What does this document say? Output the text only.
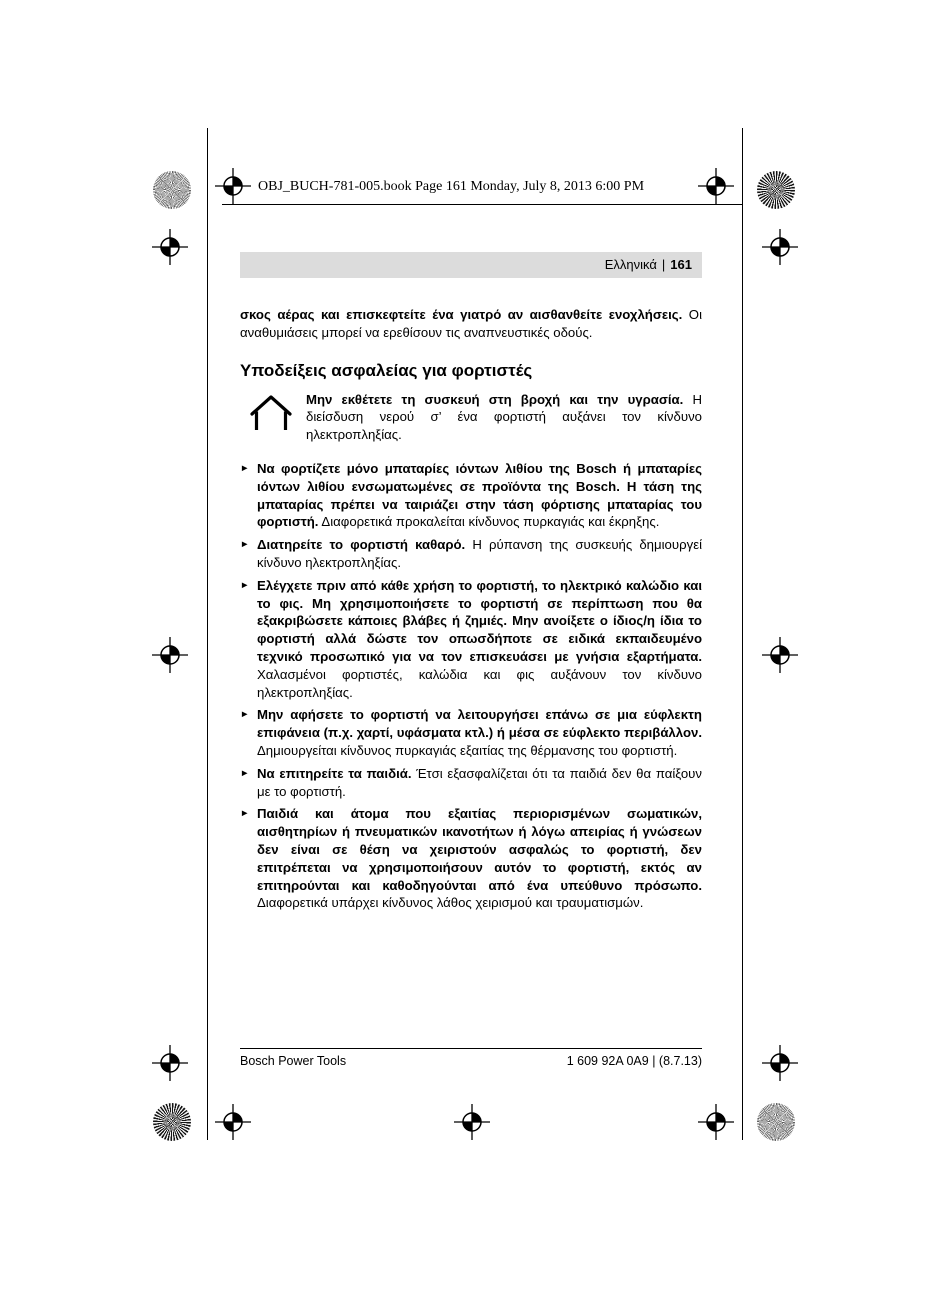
OBJ_BUCH-781-005.book Page 161 Monday, July 8, 2013 6:00 PM
Ελληνικά | 161

σκος αέρας και επισκεφτείτε ένα γιατρό αν αισθανθείτε ενοχλήσεις. Οι αναθυμιάσεις μπορεί να ερεθίσουν τις αναπνευστικές οδούς.

Υποδείξεις ασφαλείας για φορτιστές

Μην εκθέτετε τη συσκευή στη βροχή και την υγρασία. Η διείσδυση νερού σ’ ένα φορτιστή αυξάνει τον κίνδυνο ηλεκτροπληξίας.

► Να φορτίζετε μόνο μπαταρίες ιόντων λιθίου της Bosch ή μπαταρίες ιόντων λιθίου ενσωματωμένες σε προϊόντα της Bosch. Η τάση της μπαταρίας πρέπει να ταιριάζει στην τάση φόρτισης μπαταρίας του φορτιστή. Διαφορετικά προκαλείται κίνδυνος πυρκαγιάς και έκρηξης.

► Διατηρείτε το φορτιστή καθαρό. Η ρύπανση της συσκευής δημιουργεί κίνδυνο ηλεκτροπληξίας.

► Ελέγχετε πριν από κάθε χρήση το φορτιστή, το ηλεκτρικό καλώδιο και το φις. Μη χρησιμοποιήσετε το φορτιστή σε περίπτωση που θα εξακριβώσετε κάποιες βλάβες ή ζημιές. Μην ανοίξετε ο ίδιος/η ίδια το φορτιστή αλλά δώστε τον οπωσδήποτε σε ειδικά εκπαιδευμένο τεχνικό προσωπικό για να τον επισκευάσει με γνήσια εξαρτήματα. Χαλασμένοι φορτιστές, καλώδια και φις αυξάνουν τον κίνδυνο ηλεκτροπληξίας.

► Μην αφήσετε το φορτιστή να λειτουργήσει επάνω σε μια εύφλεκτη επιφάνεια (π.χ. χαρτί, υφάσματα κτλ.) ή μέσα σε εύφλεκτο περιβάλλον. Δημιουργείται κίνδυνος πυρκαγιάς εξαιτίας της θέρμανσης του φορτιστή.

► Να επιτηρείτε τα παιδιά. Έτσι εξασφαλίζεται ότι τα παιδιά δεν θα παίξουν με το φορτιστή.

► Παιδιά και άτομα που εξαιτίας περιορισμένων σωματικών, αισθητηρίων ή πνευματικών ικανοτήτων ή λόγω απειρίας ή γνώσεων δεν είναι σε θέση να χειριστούν ασφαλώς το φορτιστή, δεν επιτρέπεται να χρησιμοποιήσουν αυτόν το φορτιστή, εκτός αν επιτηρούνται και καθοδηγούνται από ένα υπεύθυνο πρόσωπο. Διαφορετικά υπάρχει κίνδυνος λάθος χειρισμού και τραυματισμών.

Bosch Power Tools	1 609 92A 0A9 | (8.7.13)
